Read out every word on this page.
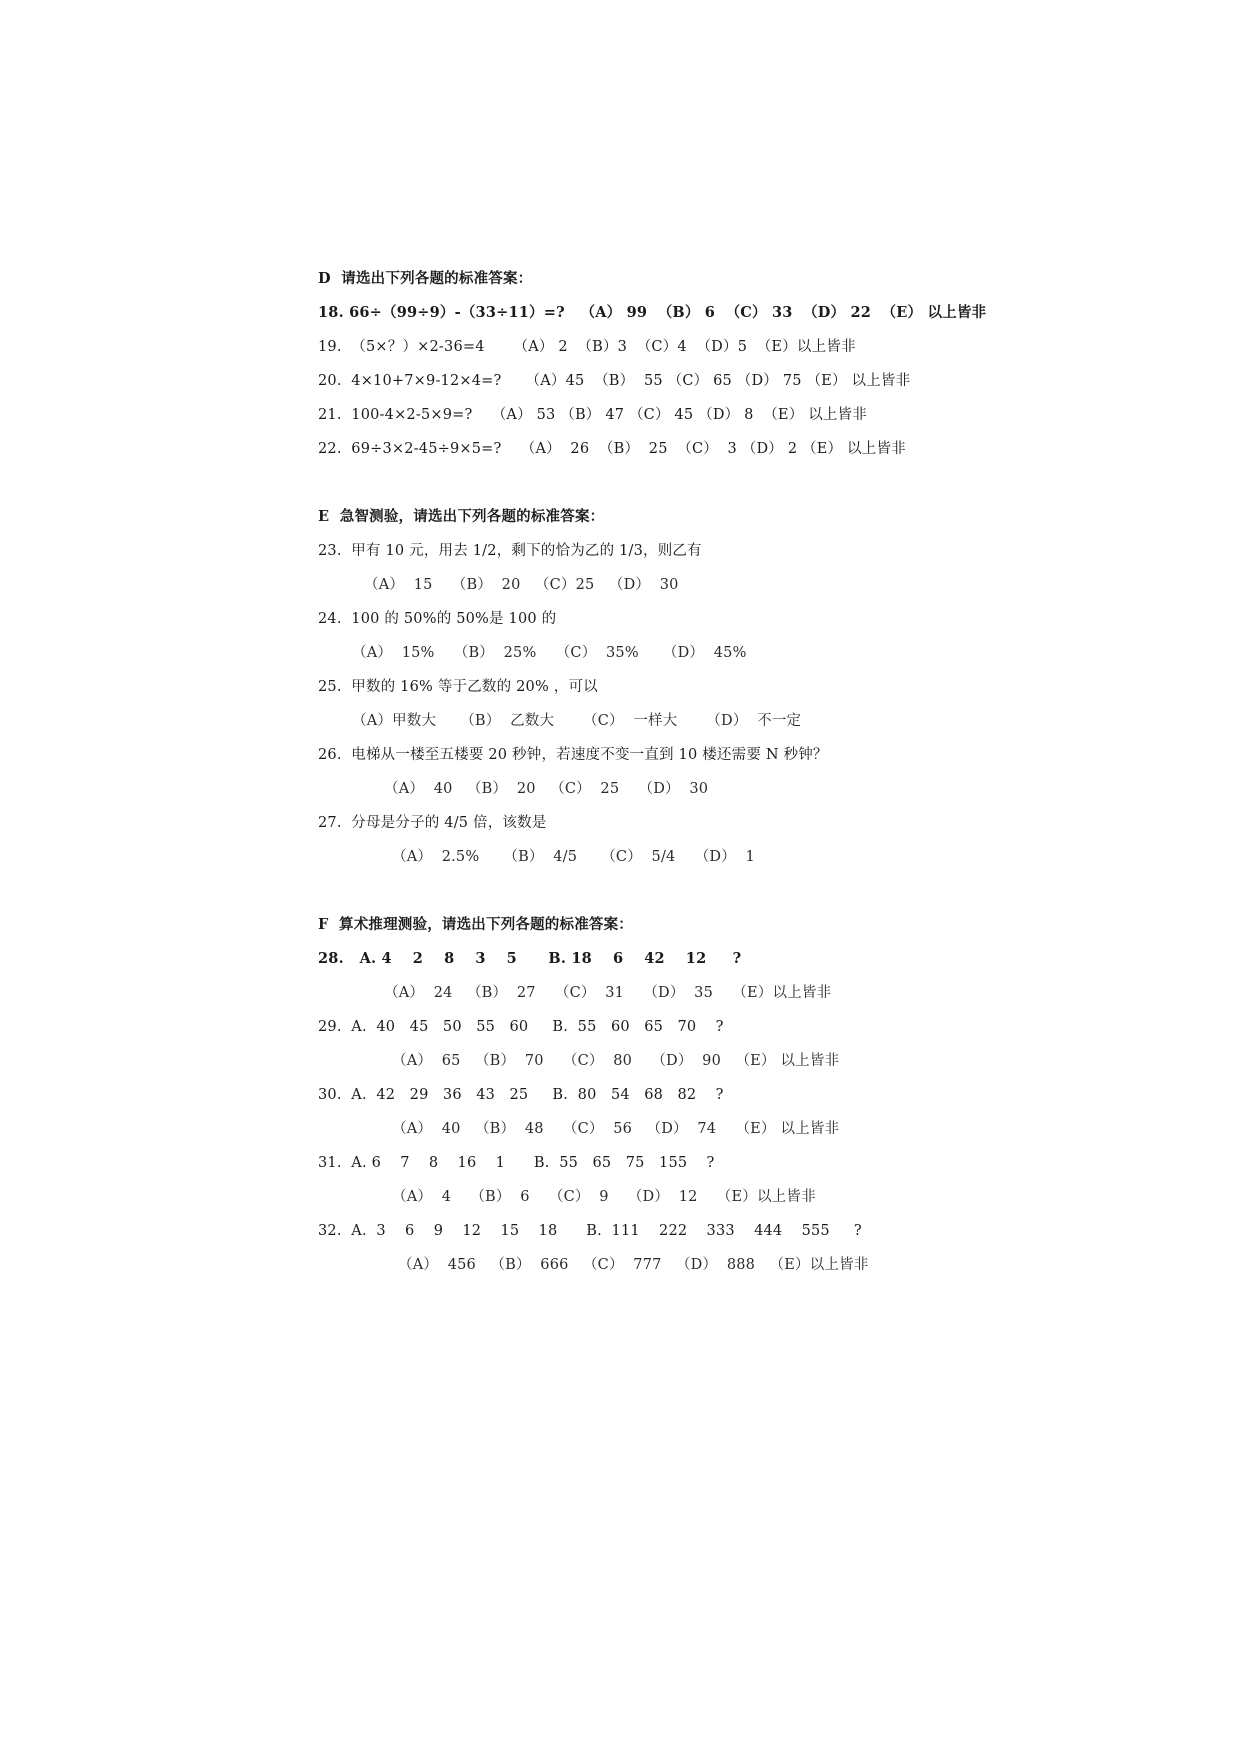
D  请选出下列各题的标准答案：
18. 66÷（99÷9）-（33÷11）=?   （A） 99  （B） 6  （C） 33  （D） 22  （E） 以上皆非
19.  （5×？）×2-36=4      （A） 2  （B）3  （C）4  （D）5  （E）以上皆非
20.  4×10+7×9-12×4=?     （A）45  （B）  55 （C） 65 （D） 75 （E） 以上皆非
21.  100-4×2-5×9=?    （A） 53 （B） 47 （C） 45 （D） 8  （E） 以上皆非
22.  69÷3×2-45÷9×5=?    （A）  26  （B）  25  （C）  3 （D） 2 （E） 以上皆非
E  急智测验，请选出下列各题的标准答案：
23.  甲有 10 元，用去 1/2，剩下的恰为乙的 1/3，则乙有
（A）  15    （B）  20   （C）25   （D）  30
24.  100 的 50%的 50%是 100 的
（A）  15%    （B）  25%    （C）  35%     （D）  45%
25.  甲数的 16% 等于乙数的 20% ，可以
（A）甲数大     （B）  乙数大      （C）  一样大      （D）  不一定
26.  电梯从一楼至五楼要 20 秒钟，若速度不变一直到 10 楼还需要 N 秒钟？
（A）  40   （B）  20   （C）  25    （D）  30
27.  分母是分子的 4/5 倍，该数是
（A）  2.5%     （B）  4/5     （C）  5/4    （D）  1
F  算术推理测验，请选出下列各题的标准答案：
28.   A. 4    2    8    3    5      B. 18    6    42    12     ?
（A）  24   （B）  27    （C）  31    （D）  35    （E）以上皆非
29.  A.  40   45   50   55   60     B.  55   60   65   70    ?
（A）  65   （B）  70    （C）  80    （D）  90   （E） 以上皆非
30.  A.  42   29   36   43   25     B.  80   54   68   82    ?
（A）  40   （B）  48    （C）  56   （D）  74    （E） 以上皆非
31.  A. 6    7    8    16    1      B.  55   65   75   155    ?
（A）  4    （B）  6    （C）  9    （D）  12    （E）以上皆非
32.  A.  3    6    9    12    15    18      B.  111    222    333    444    555     ?
（A）  456   （B）  666   （C）  777   （D）  888   （E）以上皆非
